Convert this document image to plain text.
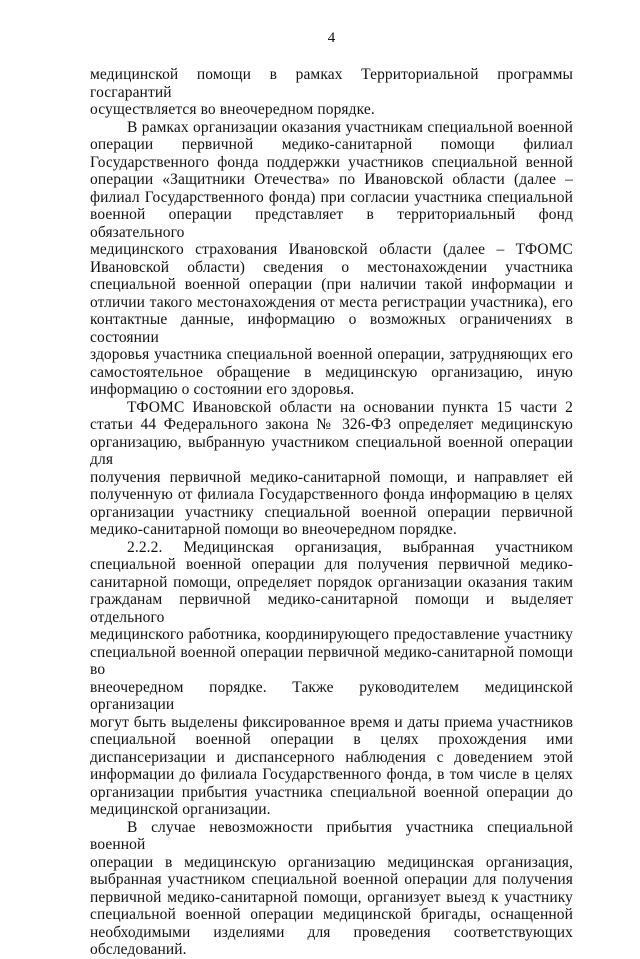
4
медицинской помощи в рамках Территориальной программы госгарантий
осуществляется во внеочередном порядке.
В рамках организации оказания участникам специальной военной
операции первичной медико-санитарной помощи филиал
Государственного фонда поддержки участников специальной венной
операции «Защитники Отечества» по Ивановской области (далее –
филиал Государственного фонда) при согласии участника специальной
военной операции представляет в территориальный фонд обязательного
медицинского страхования Ивановской области (далее – ТФОМС
Ивановской области) сведения о местонахождении участника
специальной военной операции (при наличии такой информации и
отличии такого местонахождения от места регистрации участника), его
контактные данные, информацию о возможных ограничениях в состоянии
здоровья участника специальной военной операции, затрудняющих его
самостоятельное обращение в медицинскую организацию, иную
информацию о состоянии его здоровья.
ТФОМС Ивановской области на основании пункта 15 части 2
статьи 44 Федерального закона № 326-ФЗ определяет медицинскую
организацию, выбранную участником специальной военной операции для
получения первичной медико-санитарной помощи, и направляет ей
полученную от филиала Государственного фонда информацию в целях
организации участнику специальной военной операции первичной
медико-санитарной помощи во внеочередном порядке.
2.2.2. Медицинская организация, выбранная участником
специальной военной операции для получения первичной медико-
санитарной помощи, определяет порядок организации оказания таким
гражданам первичной медико-санитарной помощи и выделяет отдельного
медицинского работника, координирующего предоставление участнику
специальной военной операции первичной медико-санитарной помощи во
внеочередном порядке. Также руководителем медицинской организации
могут быть выделены фиксированное время и даты приема участников
специальной военной операции в целях прохождения ими
диспансеризации и диспансерного наблюдения с доведением этой
информации до филиала Государственного фонда, в том числе в целях
организации прибытия участника специальной военной операции до
медицинской организации.
В случае невозможности прибытия участника специальной военной
операции в медицинскую организацию медицинская организация,
выбранная участником специальной военной операции для получения
первичной медико-санитарной помощи, организует выезд к участнику
специальной военной операции медицинской бригады, оснащенной
необходимыми изделиями для проведения соответствующих
обследований.
